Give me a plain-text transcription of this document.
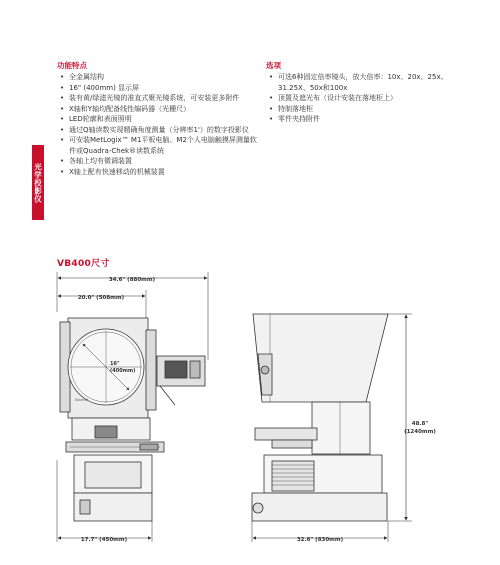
光学投影仪
功能特点
• 全金属结构
• 16" (400mm) 显示屏
• 装有黄/绿滤光镜的准直式聚光镜系统，可安装更多附件
• X轴和Y轴均配备线性编码器（光栅尺）
• LED轮廓和表面照明
• 通过Q轴读数实现精确角度测量（分辨率1'）的数字投影仪
• 可安装MetLogix™ M1平板电脑、M2个人电脑触摸屏测量软件或Quadra-Chek®读数系统
• 各轴上均有微调装置
• X轴上配有快速移动的机械装置
选项
• 可选6种固定倍率镜头，放大倍率：10x、20x、25x、31.25X、50x和100x
• 顶置及遮光布（设计安装在落地柜上）
• 特制落地柜
• 零件夹持附件
VB400尺寸
34.6" (880mm)
20.0" (508mm)
16"
(400mm)
Starrett
48.8"
(1240mm)
17.7" (450mm)	32.6" (830mm)
